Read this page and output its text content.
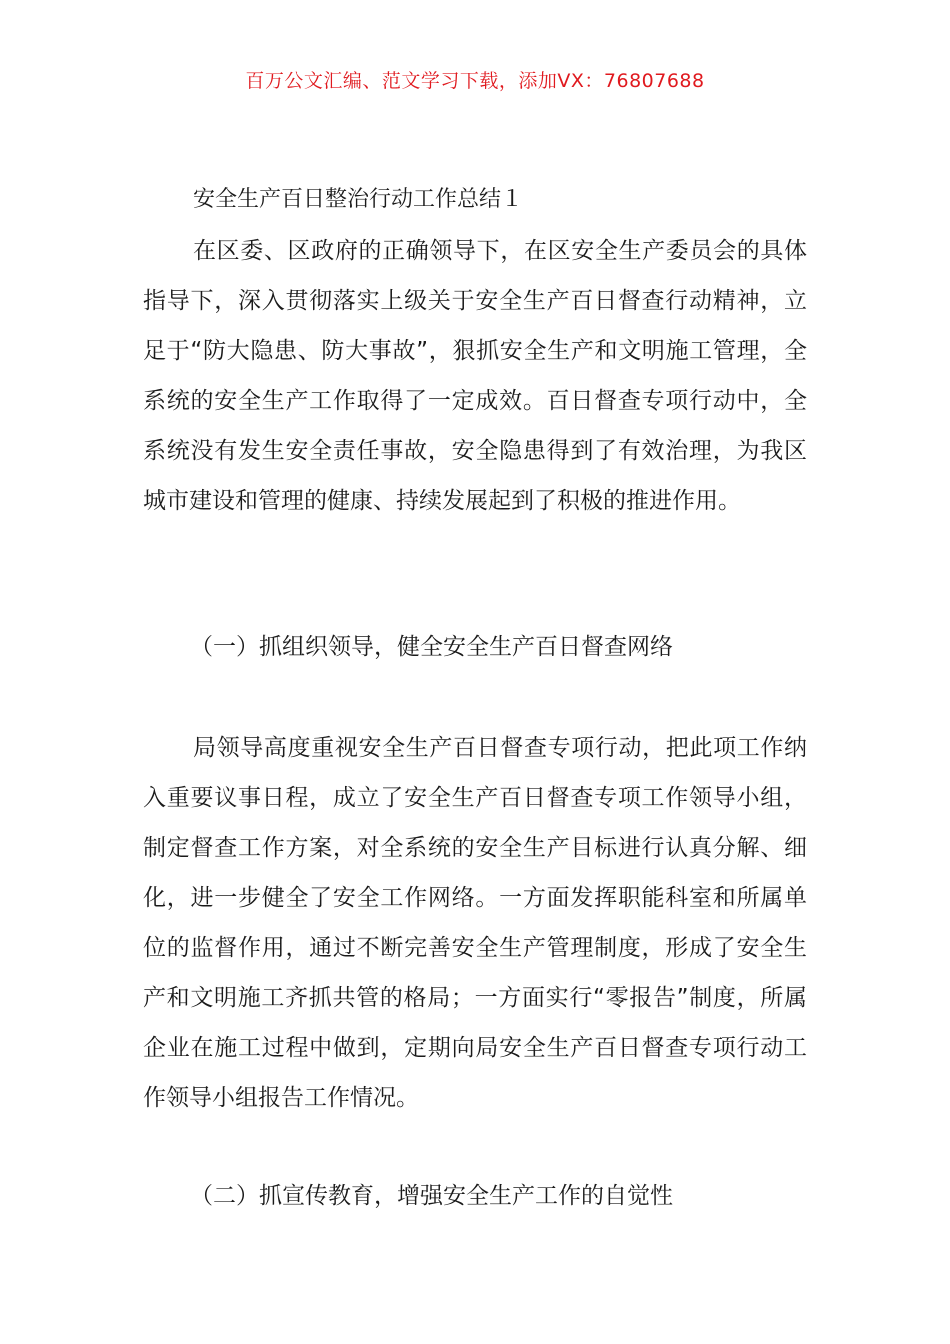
百万公文汇编、范文学习下载，添加VX：76807688
安全生产百日整治行动工作总结１

在区委、区政府的正确领导下，在区安全生产委员会的具体指导下，深入贯彻落实上级关于安全生产百日督查行动精神，立足于“防大隐患、防大事故”，狠抓安全生产和文明施工管理，全系统的安全生产工作取得了一定成效。百日督查专项行动中，全系统没有发生安全责任事故，安全隐患得到了有效治理，为我区城市建设和管理的健康、持续发展起到了积极的推进作用。

（一）抓组织领导，健全安全生产百日督查网络

局领导高度重视安全生产百日督查专项行动，把此项工作纳入重要议事日程，成立了安全生产百日督查专项工作领导小组，制定督查工作方案，对全系统的安全生产目标进行认真分解、细化，进一步健全了安全工作网络。一方面发挥职能科室和所属单位的监督作用，通过不断完善安全生产管理制度，形成了安全生产和文明施工齐抓共管的格局；一方面实行“零报告”制度，所属企业在施工过程中做到，定期向局安全生产百日督查专项行动工作领导小组报告工作情况。

（二）抓宣传教育，增强安全生产工作的自觉性
